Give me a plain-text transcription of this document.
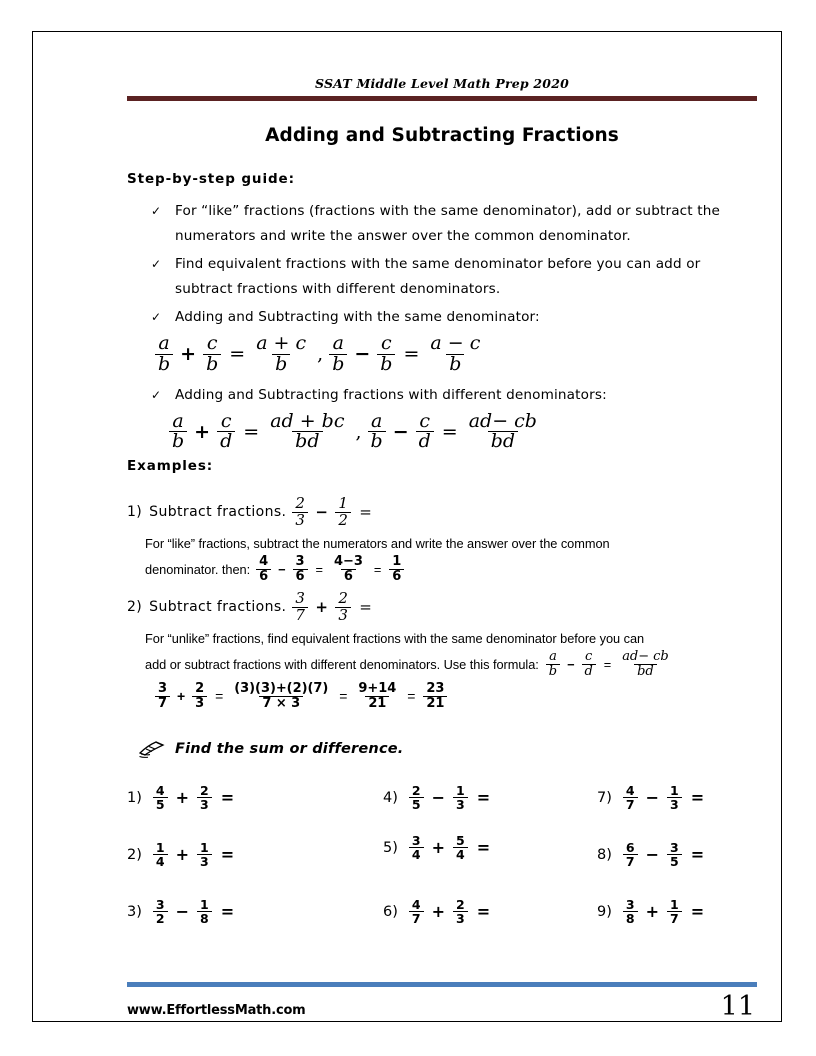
SSAT Middle Level Math Prep 2020
Adding and Subtracting Fractions
Step-by-step guide:
✓ For “like” fractions (fractions with the same denominator), add or subtract the numerators and write the answer over the common denominator.
✓ Find equivalent fractions with the same denominator before you can add or subtract fractions with different denominators.
✓ Adding and Subtracting with the same denominator:
$\frac{a}{b} + \frac{c}{b} = \frac{a + c}{b}$ , $\frac{a}{b} - \frac{c}{b} = \frac{a - c}{b}$
✓ Adding and Subtracting fractions with different denominators:
$\frac{a}{b} + \frac{c}{d} = \frac{ad + bc}{bd}$ , $\frac{a}{b} - \frac{c}{d} = \frac{ad- cb}{bd}$
Examples:
1) Subtract fractions. $\frac{2}{3} - \frac{1}{2}$ =
For “like” fractions, subtract the numerators and write the answer over the common
denominator. then: $\frac{4}{6} - \frac{3}{6} = \frac{4-3}{6} = \frac{1}{6}$
2) Subtract fractions. $\frac{3}{7} + \frac{2}{3}$ =
For “unlike” fractions, find equivalent fractions with the same denominator before you can
add or subtract fractions with different denominators. Use this formula: $\frac{a}{b} - \frac{c}{d} = \frac{ad- cb}{bd}$
$\frac{3}{7} + \frac{2}{3} = \frac{(3)(3)+(2)(7)}{7 \times 3} = \frac{9+14}{21} = \frac{23}{21}$
Find the sum or difference.
$1) \frac{4}{5} + \frac{2}{3}$ =	$4) \frac{2}{5} - \frac{1}{3}$ =	$7) \frac{4}{7} - \frac{1}{3}$ =
$2) \frac{1}{4} + \frac{1}{3}$ =	$5) \frac{3}{4} + \frac{5}{4}$ =	$8) \frac{6}{7} - \frac{3}{5}$ =
$3) \frac{3}{2} - \frac{1}{8}$ =	$6) \frac{4}{7} + \frac{2}{3}$ =	$9) \frac{3}{8} + \frac{1}{7}$ =
www.EffortlessMath.com	11
